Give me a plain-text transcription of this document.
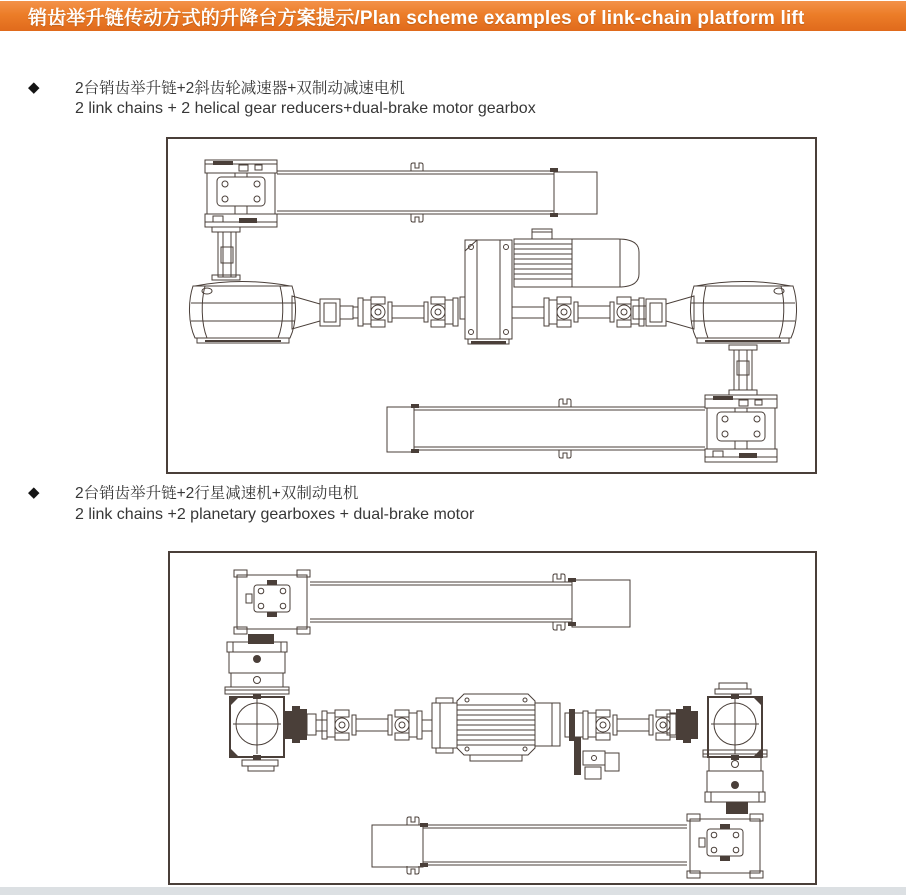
销齿举升链传动方式的升降台方案提示/Plan scheme examples of link-chain platform lift
◆ 2台销齿举升链+2斜齿轮减速器+双制动减速电机
2 link chains + 2 helical gear reducers+dual-brake motor gearbox
◆ 2台销齿举升链+2行星减速机+双制动电机
2 link chains +2 planetary gearboxes + dual-brake motor
